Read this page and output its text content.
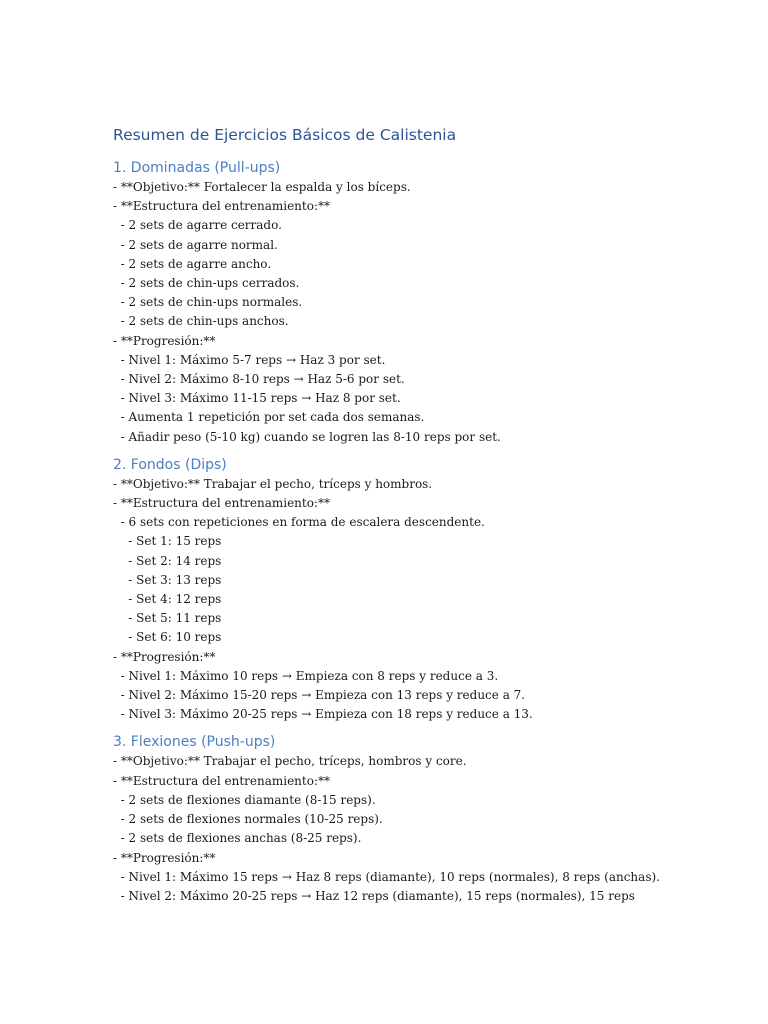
Resumen de Ejercicios Básicos de Calistenia
1. Dominadas (Pull-ups)
- **Objetivo:** Fortalecer la espalda y los bíceps.
- **Estructura del entrenamiento:**
- 2 sets de agarre cerrado.
- 2 sets de agarre normal.
- 2 sets de agarre ancho.
- 2 sets de chin-ups cerrados.
- 2 sets de chin-ups normales.
- 2 sets de chin-ups anchos.
- **Progresión:**
- Nivel 1: Máximo 5-7 reps → Haz 3 por set.
- Nivel 2: Máximo 8-10 reps → Haz 5-6 por set.
- Nivel 3: Máximo 11-15 reps → Haz 8 por set.
- Aumenta 1 repetición por set cada dos semanas.
- Añadir peso (5-10 kg) cuando se logren las 8-10 reps por set.
2. Fondos (Dips)
- **Objetivo:** Trabajar el pecho, tríceps y hombros.
- **Estructura del entrenamiento:**
- 6 sets con repeticiones en forma de escalera descendente.
- Set 1: 15 reps
- Set 2: 14 reps
- Set 3: 13 reps
- Set 4: 12 reps
- Set 5: 11 reps
- Set 6: 10 reps
- **Progresión:**
- Nivel 1: Máximo 10 reps → Empieza con 8 reps y reduce a 3.
- Nivel 2: Máximo 15-20 reps → Empieza con 13 reps y reduce a 7.
- Nivel 3: Máximo 20-25 reps → Empieza con 18 reps y reduce a 13.
3. Flexiones (Push-ups)
- **Objetivo:** Trabajar el pecho, tríceps, hombros y core.
- **Estructura del entrenamiento:**
- 2 sets de flexiones diamante (8-15 reps).
- 2 sets de flexiones normales (10-25 reps).
- 2 sets de flexiones anchas (8-25 reps).
- **Progresión:**
- Nivel 1: Máximo 15 reps → Haz 8 reps (diamante), 10 reps (normales), 8 reps (anchas).
- Nivel 2: Máximo 20-25 reps → Haz 12 reps (diamante), 15 reps (normales), 15 reps
